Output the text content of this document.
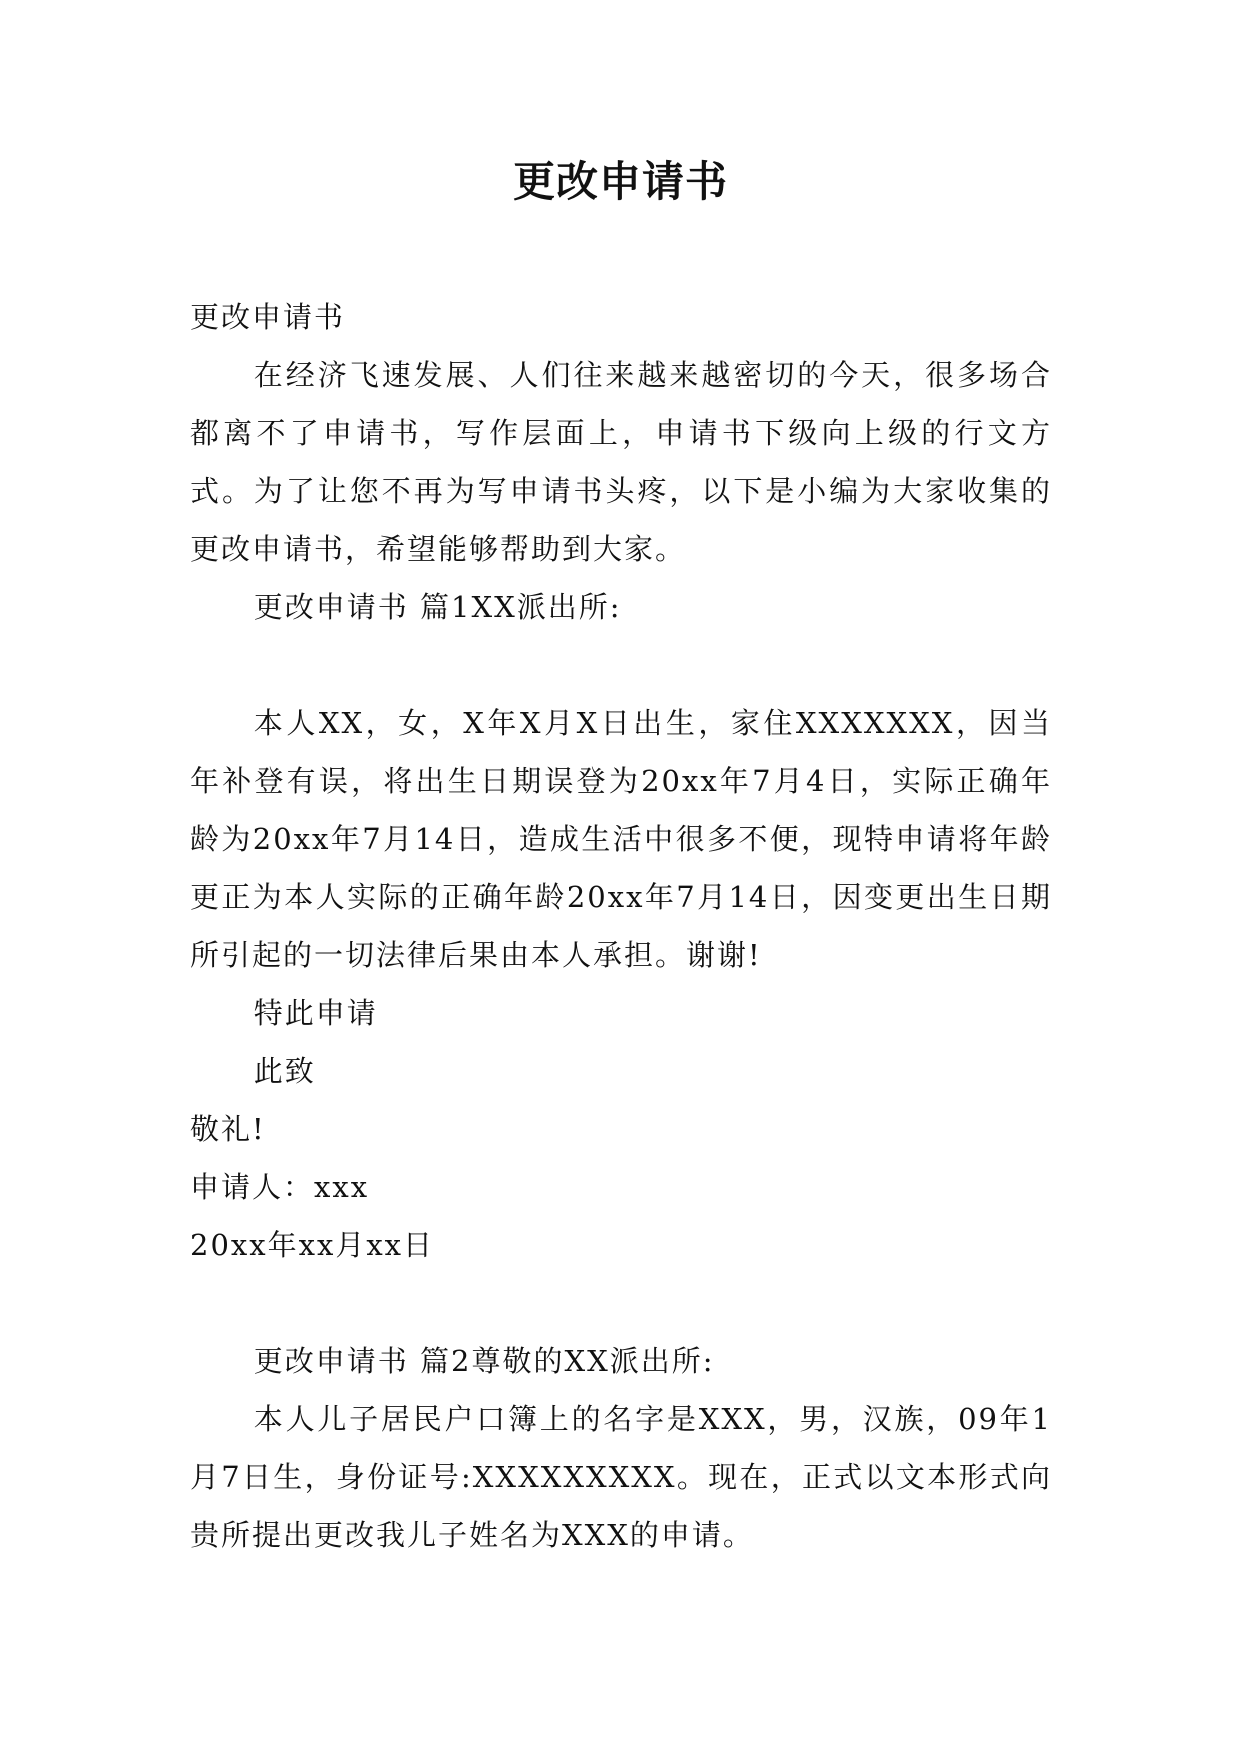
更改申请书

更改申请书

在经济飞速发展、人们往来越来越密切的今天，很多场合都离不了申请书，写作层面上，申请书下级向上级的行文方式。为了让您不再为写申请书头疼，以下是小编为大家收集的更改申请书，希望能够帮助到大家。

更改申请书 篇1XX派出所:

本人XX，女，X年X月X日出生，家住XXXXXXX，因当年补登有误，将出生日期误登为20xx年7月4日，实际正确年龄为20xx年7月14日，造成生活中很多不便，现特申请将年龄更正为本人实际的正确年龄20xx年7月14日，因变更出生日期所引起的一切法律后果由本人承担。谢谢!

特此申请

此致

敬礼!

申请人：xxx

20xx年xx月xx日

更改申请书 篇2尊敬的XX派出所:

本人儿子居民户口簿上的名字是XXX，男，汉族，09年1月7日生，身份证号:XXXXXXXXX。现在，正式以文本形式向贵所提出更改我儿子姓名为XXX的申请。
